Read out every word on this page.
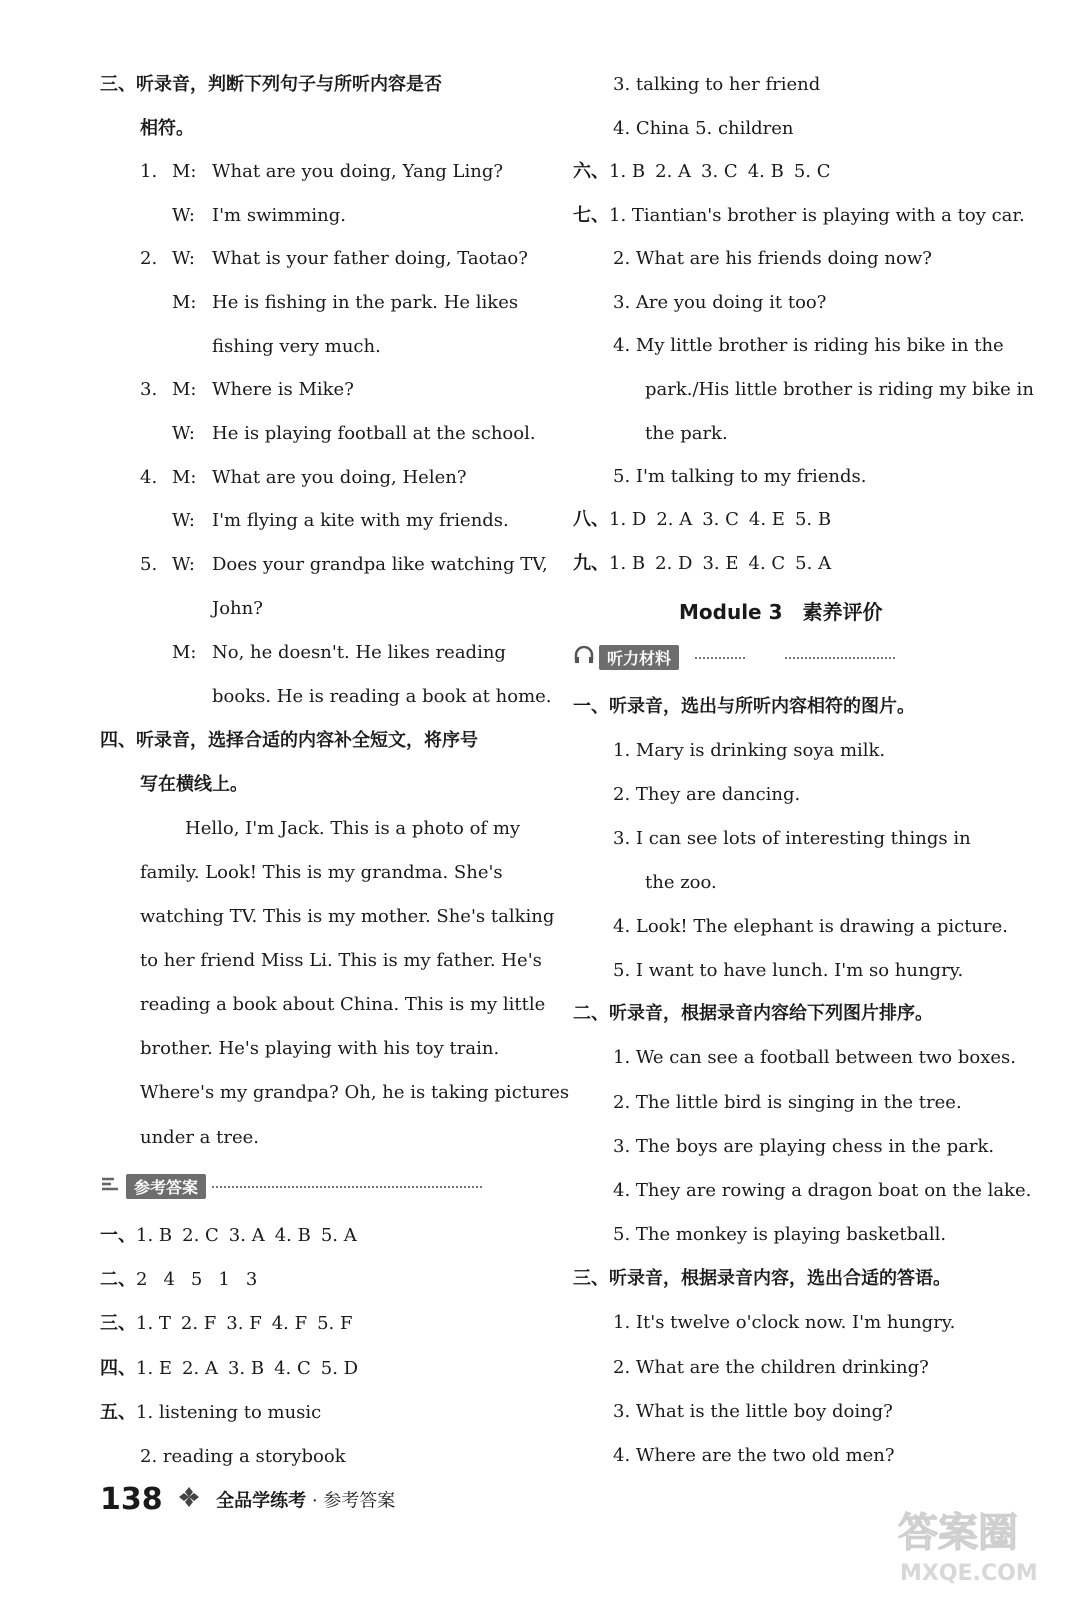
三、听录音，判断下列句子与所听内容是否
相符。
1. M: What are you doing, Yang Ling?
W: I'm swimming.
2. W: What is your father doing, Taotao?
M: He is fishing in the park. He likes
fishing very much.
3. M: Where is Mike?
W: He is playing football at the school.
4. M: What are you doing, Helen?
W: I'm flying a kite with my friends.
5. W: Does your grandpa like watching TV,
John?
M: No, he doesn't. He likes reading
books. He is reading a book at home.
四、听录音，选择合适的内容补全短文，将序号
写在横线上。
Hello, I'm Jack. This is a photo of my
family. Look! This is my grandma. She's
watching TV. This is my mother. She's talking
to her friend Miss Li. This is my father. He's
reading a book about China. This is my little
brother. He's playing with his toy train.
Where's my grandpa? Oh, he is taking pictures
under a tree.
参考答案
一、1. B 2. C 3. A 4. B 5. A
二、2 4 5 1 3
三、1. T 2. F 3. F 4. F 5. F
四、1. E 2. A 3. B 4. C 5. D
五、1. listening to music
2. reading a storybook
3. talking to her friend
4. China 5. children
六、1. B 2. A 3. C 4. B 5. C
七、1. Tiantian's brother is playing with a toy car.
2. What are his friends doing now?
3. Are you doing it too?
4. My little brother is riding his bike in the
park./His little brother is riding my bike in
the park.
5. I'm talking to my friends.
八、1. D 2. A 3. C 4. E 5. B
九、1. B 2. D 3. E 4. C 5. A
Module 3　素养评价
听力材料
一、听录音，选出与所听内容相符的图片。
1. Mary is drinking soya milk.
2. They are dancing.
3. I can see lots of interesting things in
the zoo.
4. Look! The elephant is drawing a picture.
5. I want to have lunch. I'm so hungry.
二、听录音，根据录音内容给下列图片排序。
1. We can see a football between two boxes.
2. The little bird is singing in the tree.
3. The boys are playing chess in the park.
4. They are rowing a dragon boat on the lake.
5. The monkey is playing basketball.
三、听录音，根据录音内容，选出合适的答语。
1. It's twelve o'clock now. I'm hungry.
2. What are the children drinking?
3. What is the little boy doing?
4. Where are the two old men?
138	全品学练考 · 参考答案
答案圈
MXQE.COM
